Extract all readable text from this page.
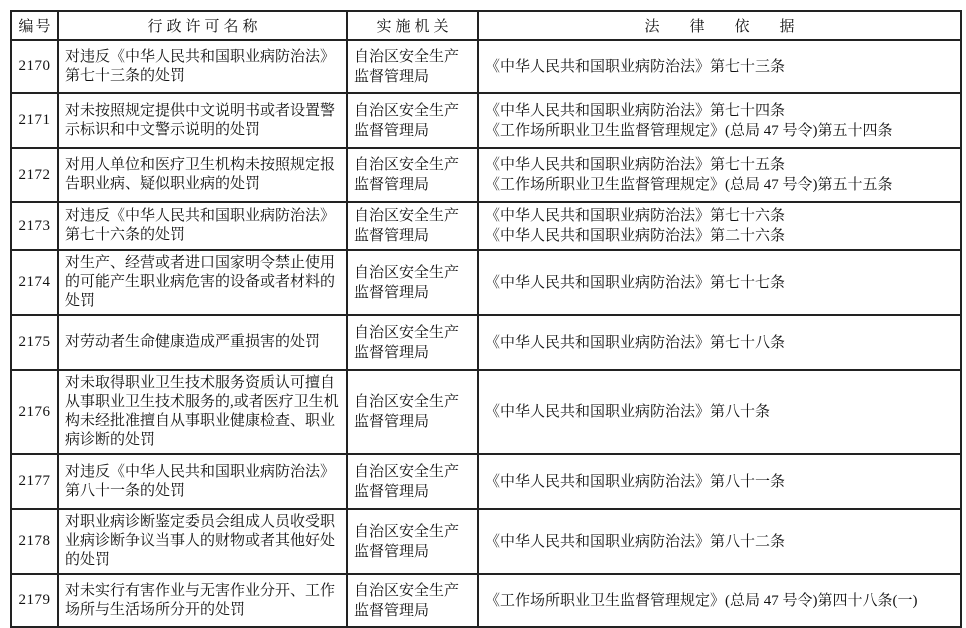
编号	行政许可名称	实施机关	法律依据
2170	对违反《中华人民共和国职业病防治法》第七十三条的处罚	自治区安全生产监督管理局	《中华人民共和国职业病防治法》第七十三条

2171	对未按照规定提供中文说明书或者设置警示标识和中文警示说明的处罚	自治区安全生产监督管理局	《中华人民共和国职业病防治法》第七十四条
《工作场所职业卫生监督管理规定》(总局 47 号令)第五十四条

2172	对用人单位和医疗卫生机构未按照规定报告职业病、疑似职业病的处罚	自治区安全生产监督管理局	《中华人民共和国职业病防治法》第七十五条
《工作场所职业卫生监督管理规定》(总局 47 号令)第五十五条

2173	对违反《中华人民共和国职业病防治法》第七十六条的处罚	自治区安全生产监督管理局	《中华人民共和国职业病防治法》第七十六条
《中华人民共和国职业病防治法》第二十六条

2174	对生产、经营或者进口国家明令禁止使用的可能产生职业病危害的设备或者材料的处罚	自治区安全生产监督管理局	《中华人民共和国职业病防治法》第七十七条

2175	对劳动者生命健康造成严重损害的处罚	自治区安全生产监督管理局	《中华人民共和国职业病防治法》第七十八条

2176	对未取得职业卫生技术服务资质认可擅自从事职业卫生技术服务的,或者医疗卫生机构未经批准擅自从事职业健康检查、职业病诊断的处罚	自治区安全生产监督管理局	《中华人民共和国职业病防治法》第八十条

2177	对违反《中华人民共和国职业病防治法》第八十一条的处罚	自治区安全生产监督管理局	《中华人民共和国职业病防治法》第八十一条

2178	对职业病诊断鉴定委员会组成人员收受职业病诊断争议当事人的财物或者其他好处的处罚	自治区安全生产监督管理局	《中华人民共和国职业病防治法》第八十二条

2179	对未实行有害作业与无害作业分开、工作场所与生活场所分开的处罚	自治区安全生产监督管理局	《工作场所职业卫生监督管理规定》(总局 47 号令)第四十八条(一)
